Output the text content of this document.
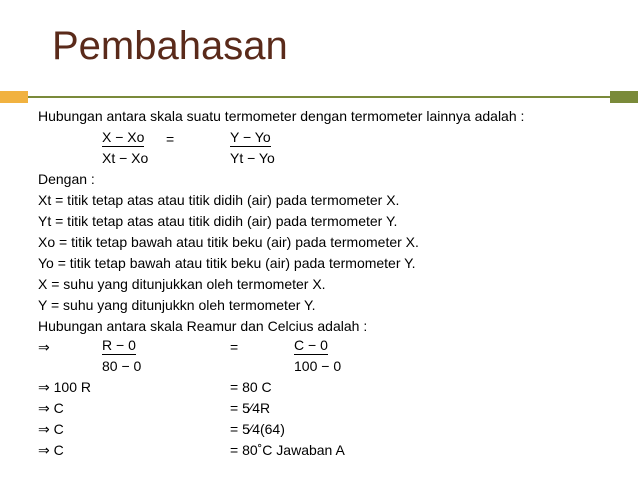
Pembahasan
Hubungan antara skala suatu termometer dengan termometer lainnya adalah :
X − Xo =	Y − Yo
Xt − Xo	Yt − Yo
Dengan :
Xt = titik tetap atas atau titik didih (air) pada termometer X.
Yt = titik tetap atas atau titik didih (air) pada termometer Y.
Xo = titik tetap bawah atau titik beku (air) pada termometer X.
Yo = titik tetap bawah atau titik beku (air) pada termometer Y.
X = suhu yang ditunjukkan oleh termometer X.
Y = suhu yang ditunjukkn oleh termometer Y.
Hubungan antara skala Reamur dan Celcius adalah :
⇒	R − 0	=	C − 0
80 − 0	100 − 0
⇒ 100 R	= 80 C
⇒ C	= 5⁄4R
⇒ C	= 5⁄4(64)
⇒ C	= 80˚C Jawaban A
